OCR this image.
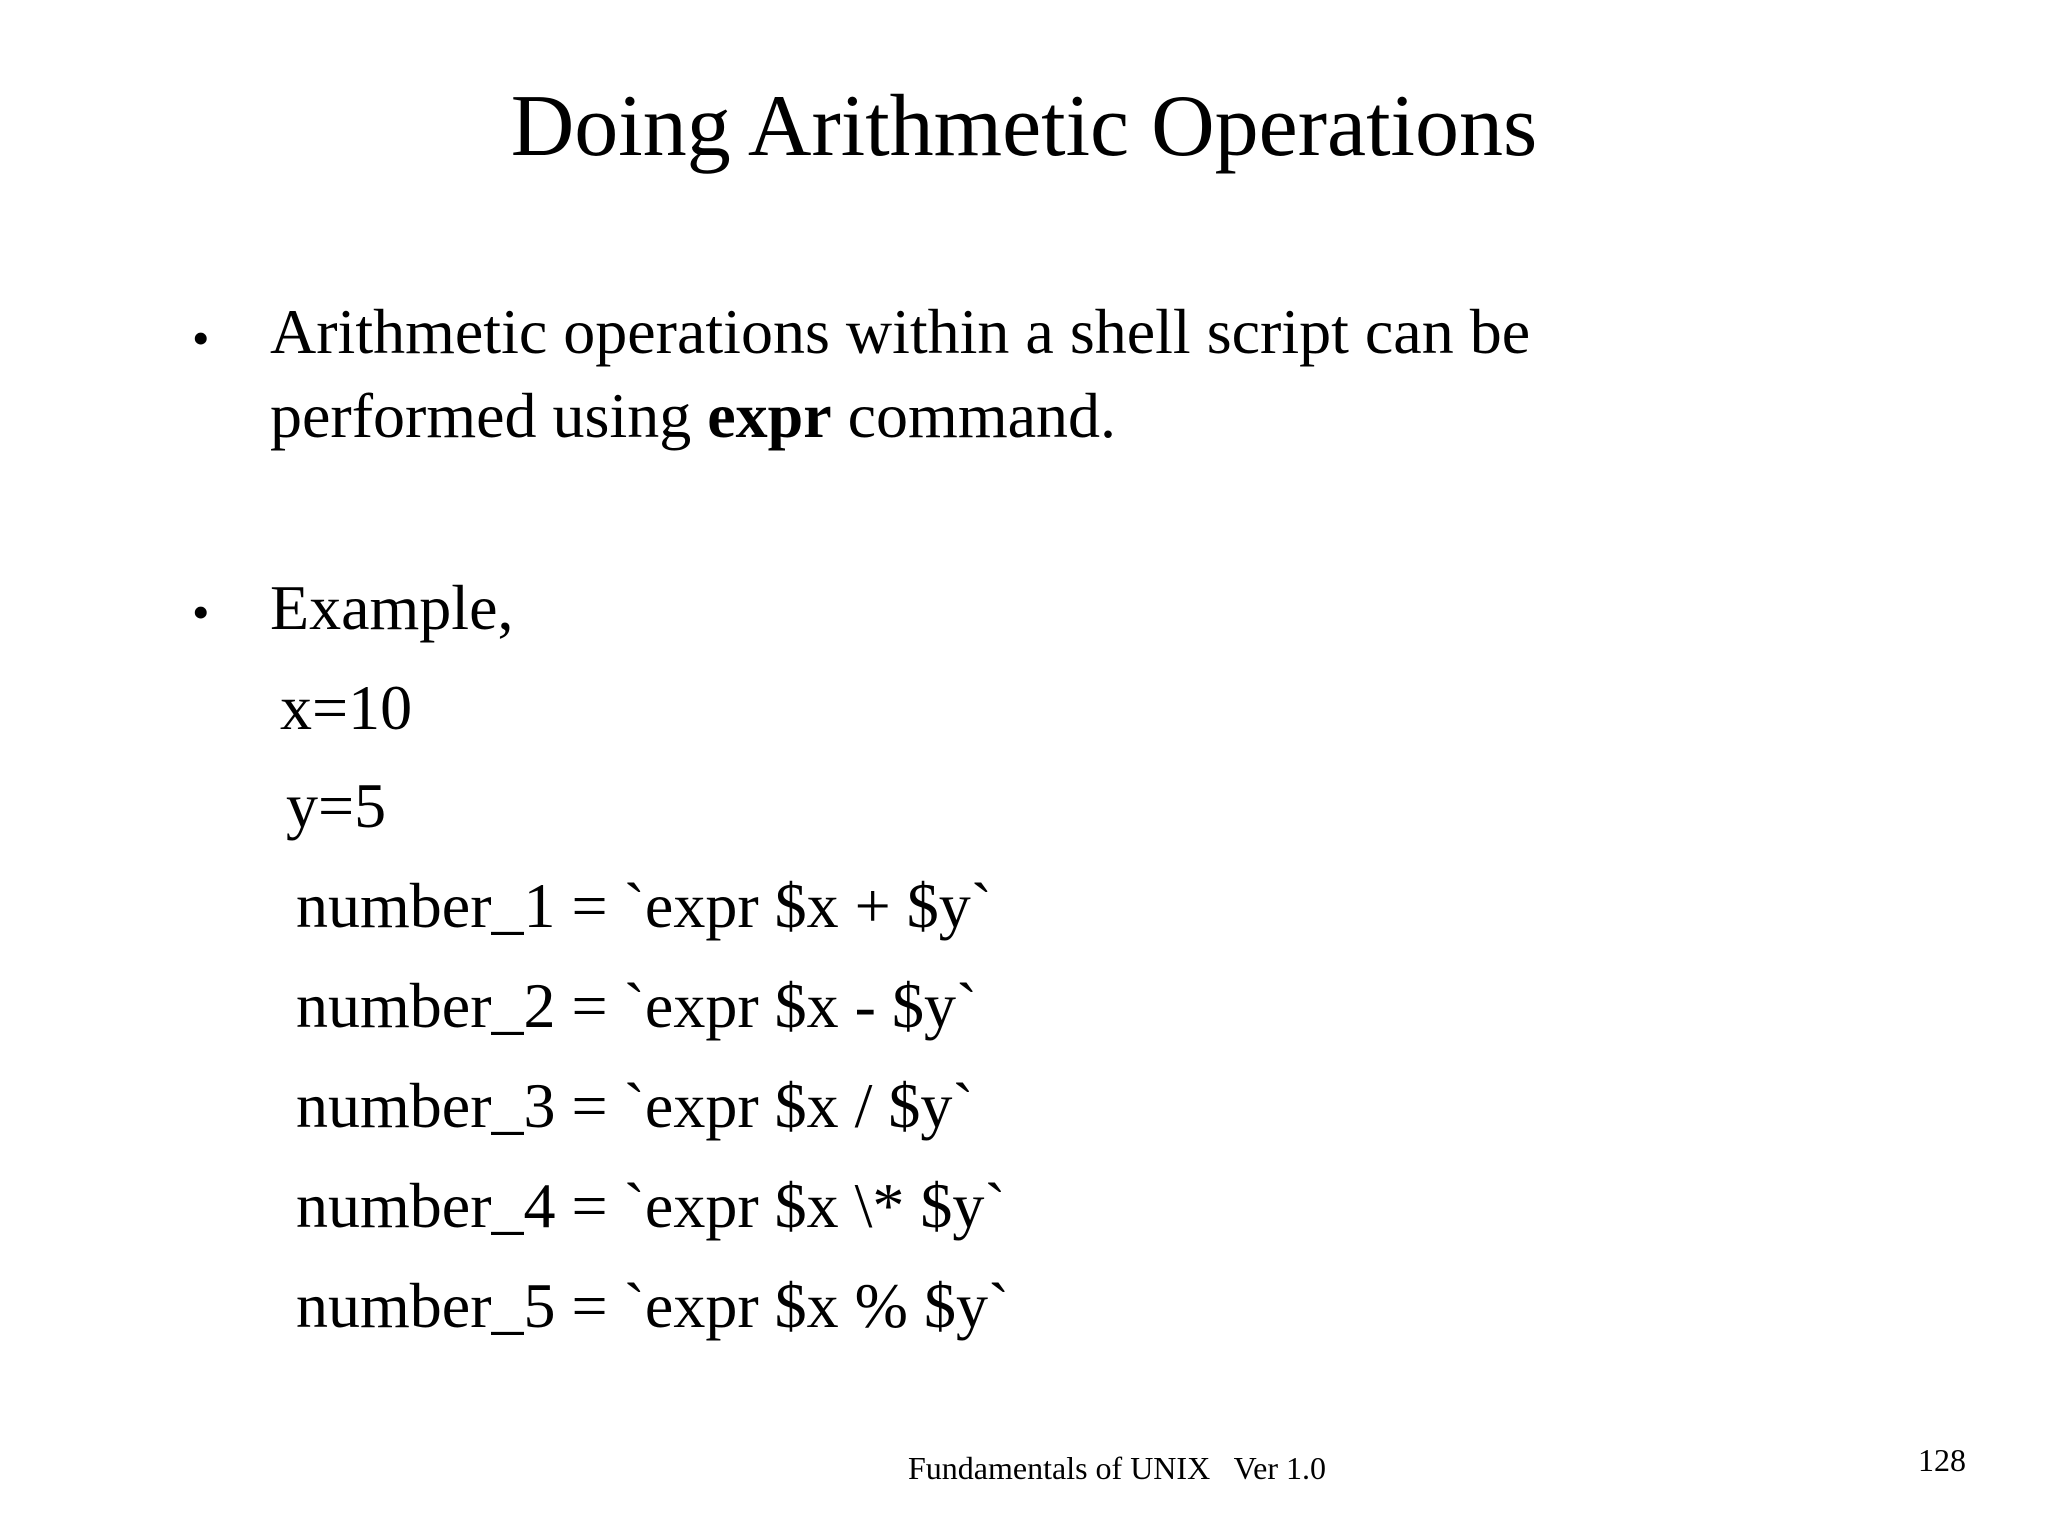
Doing Arithmetic Operations
• Arithmetic operations within a shell script can be performed using expr command.
• Example,
x=10
y=5
number_1 = `expr $x + $y`
number_2 = `expr $x - $y`
number_3 = `expr $x / $y`
number_4 = `expr $x \* $y`
number_5 = `expr $x % $y`
Fundamentals of UNIX   Ver 1.0	128
